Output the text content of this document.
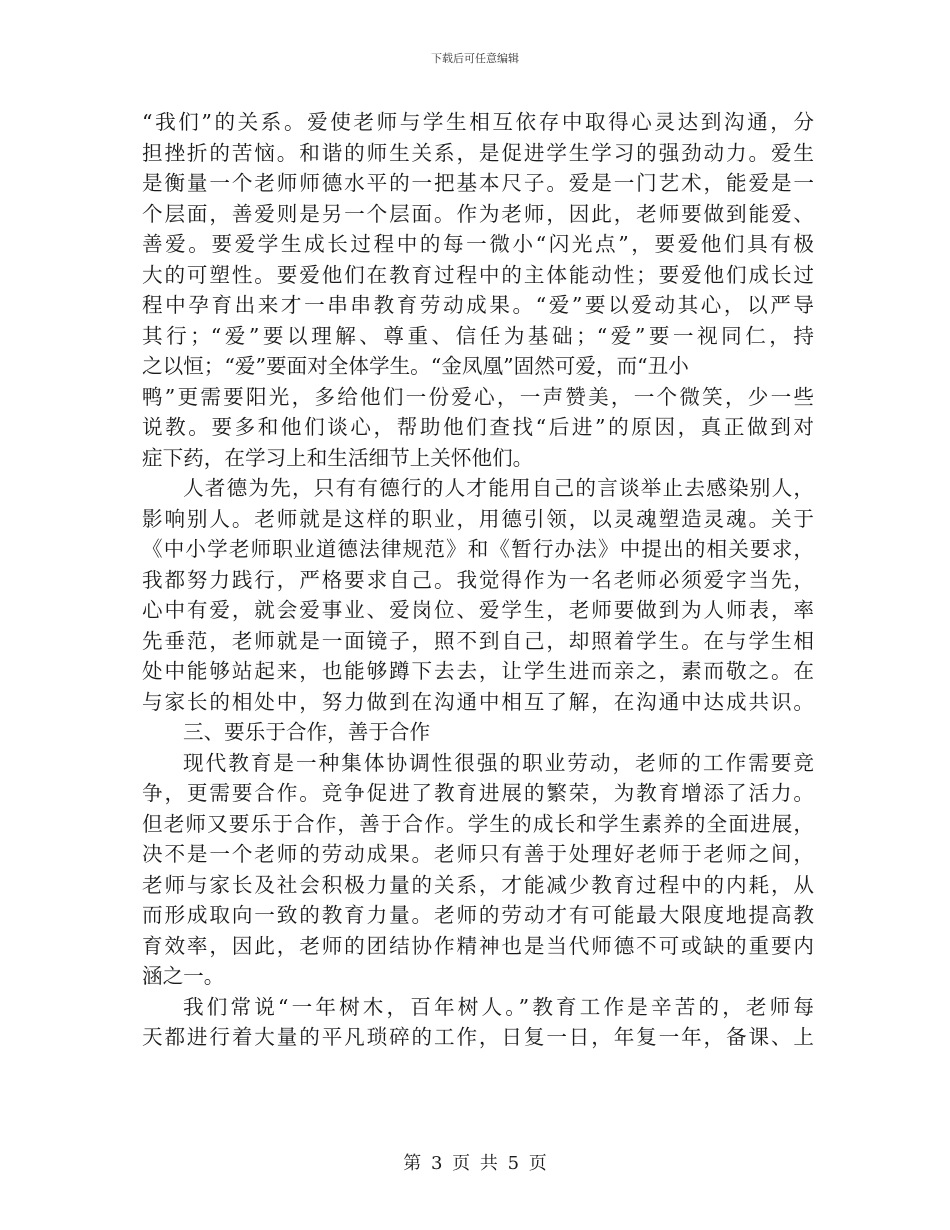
下载后可任意编辑
“我们”的关系。爱使老师与学生相互依存中取得心灵达到沟通，分
担挫折的苦恼。和谐的师生关系，是促进学生学习的强劲动力。爱生
是衡量一个老师师德水平的一把基本尺子。爱是一门艺术，能爱是一
个层面，善爱则是另一个层面。作为老师，因此，老师要做到能爱、
善爱。要爱学生成长过程中的每一微小“闪光点”，要爱他们具有极
大的可塑性。要爱他们在教育过程中的主体能动性；要爱他们成长过
程中孕育出来才一串串教育劳动成果。“爱”要以爱动其心，以严导
其行；“爱”要以理解、尊重、信任为基础；“爱”要一视同仁，持
之以恒；“爱”要面对全体学生。“金凤凰”固然可爱，而“丑小
鸭”更需要阳光，多给他们一份爱心，一声赞美，一个微笑，少一些
说教。要多和他们谈心，帮助他们查找“后进”的原因，真正做到对
症下药，在学习上和生活细节上关怀他们。
人者德为先，只有有德行的人才能用自己的言谈举止去感染别人，
影响别人。老师就是这样的职业，用德引领，以灵魂塑造灵魂。关于
《中小学老师职业道德法律规范》和《暂行办法》中提出的相关要求，
我都努力践行，严格要求自己。我觉得作为一名老师必须爱字当先，
心中有爱，就会爱事业、爱岗位、爱学生，老师要做到为人师表，率
先垂范，老师就是一面镜子，照不到自己，却照着学生。在与学生相
处中能够站起来，也能够蹲下去去，让学生进而亲之，素而敬之。在
与家长的相处中，努力做到在沟通中相互了解，在沟通中达成共识。
三、要乐于合作，善于合作
现代教育是一种集体协调性很强的职业劳动，老师的工作需要竞
争，更需要合作。竞争促进了教育进展的繁荣，为教育增添了活力。
但老师又要乐于合作，善于合作。学生的成长和学生素养的全面进展，
决不是一个老师的劳动成果。老师只有善于处理好老师于老师之间，
老师与家长及社会积极力量的关系，才能减少教育过程中的内耗，从
而形成取向一致的教育力量。老师的劳动才有可能最大限度地提高教
育效率，因此，老师的团结协作精神也是当代师德不可或缺的重要内
涵之一。
我们常说“一年树木，百年树人。”教育工作是辛苦的，老师每
天都进行着大量的平凡琐碎的工作，日复一日，年复一年，备课、上
第 3 页 共 5 页
